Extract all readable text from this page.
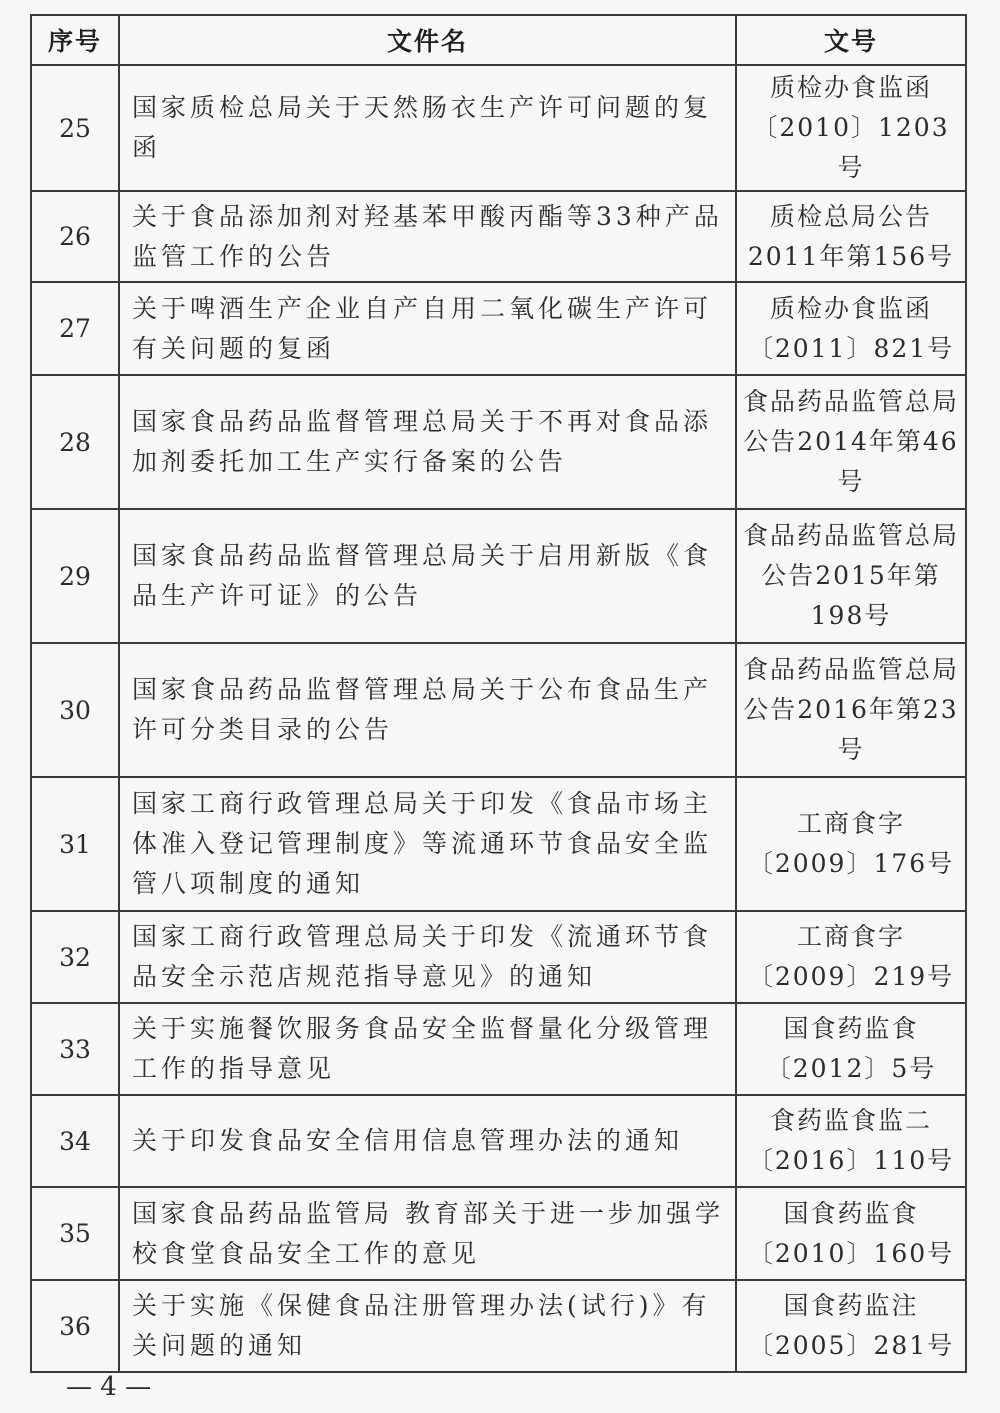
序号	文件名	文号
25	国家质检总局关于天然肠衣生产许可问题的复函	质检办食监函〔2010〕1203号
26	关于食品添加剂对羟基苯甲酸丙酯等33种产品监管工作的公告	质检总局公告2011年第156号
27	关于啤酒生产企业自产自用二氧化碳生产许可有关问题的复函	质检办食监函〔2011〕821号
28	国家食品药品监督管理总局关于不再对食品添加剂委托加工生产实行备案的公告	食品药品监管总局公告2014年第46号
29	国家食品药品监督管理总局关于启用新版《食品生产许可证》的公告	食品药品监管总局公告2015年第198号
30	国家食品药品监督管理总局关于公布食品生产许可分类目录的公告	食品药品监管总局公告2016年第23号
31	国家工商行政管理总局关于印发《食品市场主体准入登记管理制度》等流通环节食品安全监管八项制度的通知	工商食字〔2009〕176号
32	国家工商行政管理总局关于印发《流通环节食品安全示范店规范指导意见》的通知	工商食字〔2009〕219号
33	关于实施餐饮服务食品安全监督量化分级管理工作的指导意见	国食药监食〔2012〕5号
34	关于印发食品安全信用信息管理办法的通知	食药监食监二〔2016〕110号
35	国家食品药品监管局 教育部关于进一步加强学校食堂食品安全工作的意见	国食药监食〔2010〕160号
36	关于实施《保健食品注册管理办法(试行)》有关问题的通知	国食药监注〔2005〕281号
— 4 —
